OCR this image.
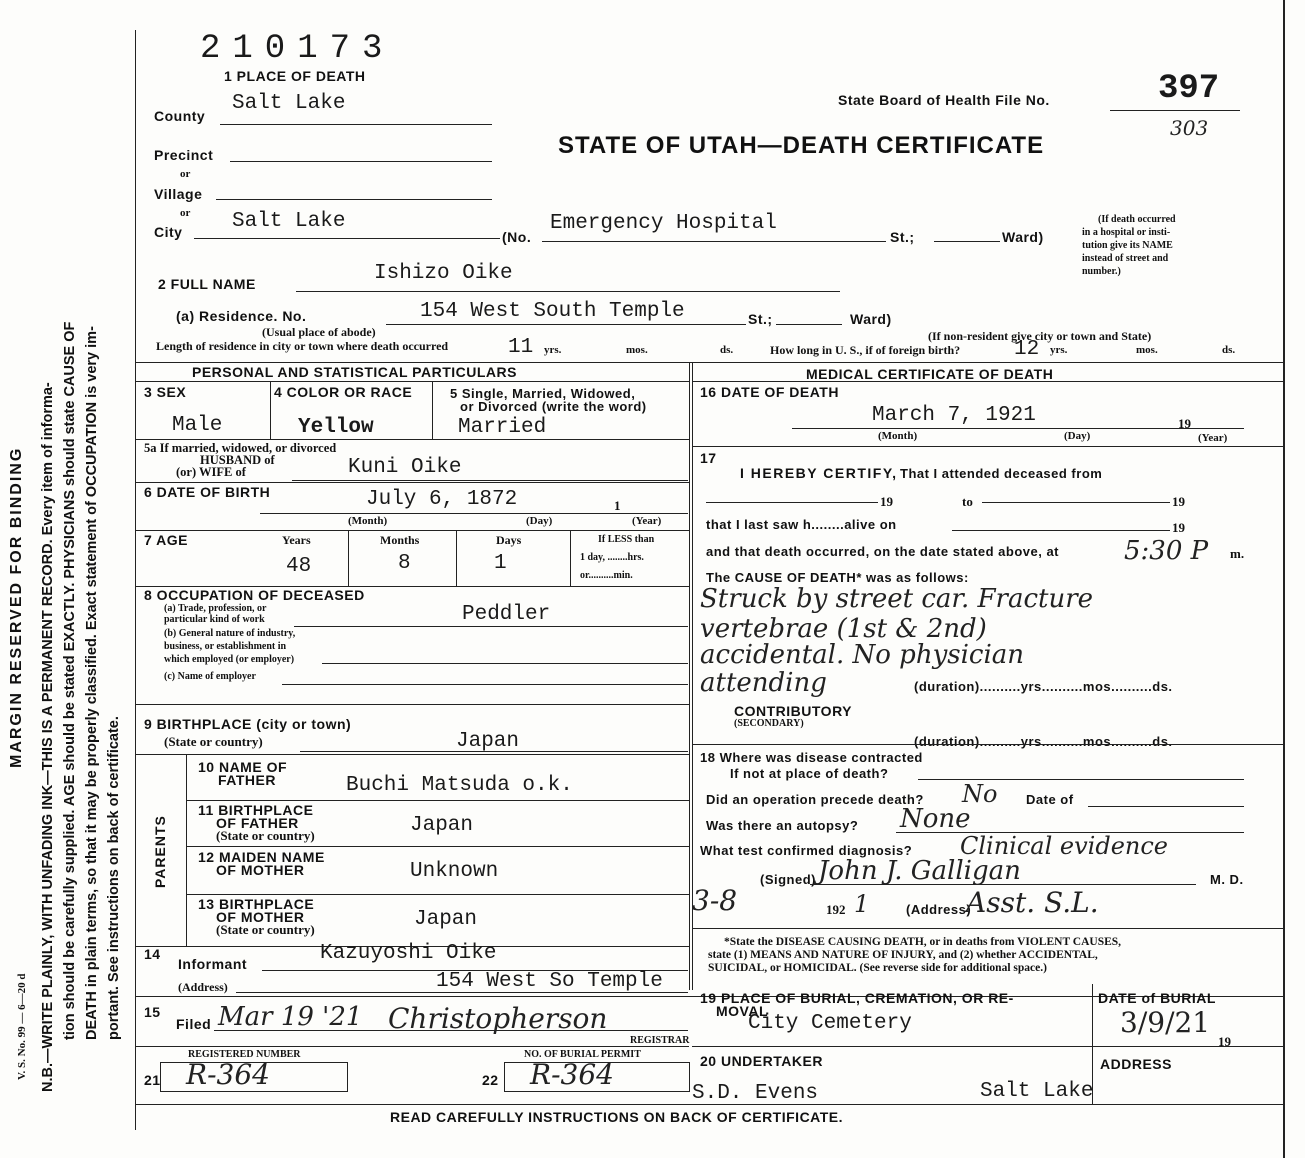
MARGIN RESERVED FOR BINDING N.B.—WRITE PLAINLY, WITH UNFADING INK—THIS IS A PERMANENT RECORD. Every item of informa- tion should be carefully supplied. AGE should be stated EXACTLY. PHYSICIANS should state CAUSE OF DEATH in plain terms, so that it may be properly classified. Exact statement of OCCUPATION is very im- portant. See instructions on back of certificate.
V. S. No. 99 — 6—20 d
210173
1 PLACE OF DEATH
State Board of Health File No.	397
303
STATE OF UTAH—DEATH CERTIFICATE
County
Salt Lake
Precinct
or
Village
or
City Salt Lake
(No.
Emergency Hospital
St.;	Ward)
(If death occurred
in a hospital or insti-
tution give its NAME
instead of street and
number.)
2 FULL NAME	Ishizo Oike
(a) Residence. No.	154 West South Temple	St.;	Ward)
(Usual place of abode)	(If non-resident give city or town and State)
Length of residence in city or town where death occurred	11 yrs.	mos.	ds.	How long in U. S., if of foreign birth?	12 yrs.	mos.	ds.
PERSONAL AND STATISTICAL PARTICULARS	MEDICAL CERTIFICATE OF DEATH
3 SEX
Male
4 COLOR OR RACE
Yellow
5 Single, Married, Widowed,
or Divorced (write the word)
Married
5a If married, widowed, or divorced
HUSBAND of
(or) WIFE of	Kuni Oike
6 DATE OF BIRTH	July 6, 1872	1
(Month)	(Day)	(Year)
7 AGE	Years	Months	Days
48	8	1
If LESS than
1 day, ........hrs.
or..........min.
8 OCCUPATION OF DECEASED
(a) Trade, profession, or
particular kind of work
(b) General nature of industry,
business, or establishment in
which employed (or employer)
(c) Name of employer
Peddler
9 BIRTHPLACE (city or town)
(State or country)	Japan
PARENTS
10 NAME OF
FATHER	Buchi Matsuda o.k.
11 BIRTHPLACE
OF FATHER
(State or country)	Japan
12 MAIDEN NAME
OF MOTHER	Unknown
13 BIRTHPLACE
OF MOTHER
(State or country)	Japan
14
Informant	Kazuyoshi Oike
(Address)	154 West So Temple
15
Filed Mar 19 '21 Christopherson
REGISTRAR
REGISTERED NUMBER	NO. OF BURIAL PERMIT
21 R-364	22 R-364
READ CAREFULLY INSTRUCTIONS ON BACK OF CERTIFICATE.
16 DATE OF DEATH
March 7, 1921	19
(Month)	(Day)	(Year)
17
I HEREBY CERTIFY, That I attended deceased from
19	to	19
that I last saw h........alive on	19
and that death occurred, on the date stated above, at 5:30 P m.
The CAUSE OF DEATH* was as follows:
Struck by street car. Fracture
vertebrae (1st & 2nd)
accidental. No physician
attending	(duration)..........yrs..........mos..........ds.
CONTRIBUTORY
(SECONDARY)
(duration)..........yrs..........mos..........ds.
18 Where was disease contracted
If not at place of death?
Did an operation precede death? No Date of
Was there an autopsy? None
What test confirmed diagnosis? Clinical evidence
(Signed) John J. Galligan	M. D.
3-8	192 1	(Address)
Asst. S.L.
*State the DISEASE CAUSING DEATH, or in deaths from VIOLENT CAUSES,
state (1) MEANS AND NATURE OF INJURY, and (2) whether ACCIDENTAL,
SUICIDAL, or HOMICIDAL. (See reverse side for additional space.)
19 PLACE OF BURIAL, CREMATION, OR RE-
MOVAL
City Cemetery
DATE of BURIAL
3/9/21
19
20 UNDERTAKER	ADDRESS
S.D. Evens	Salt Lake
